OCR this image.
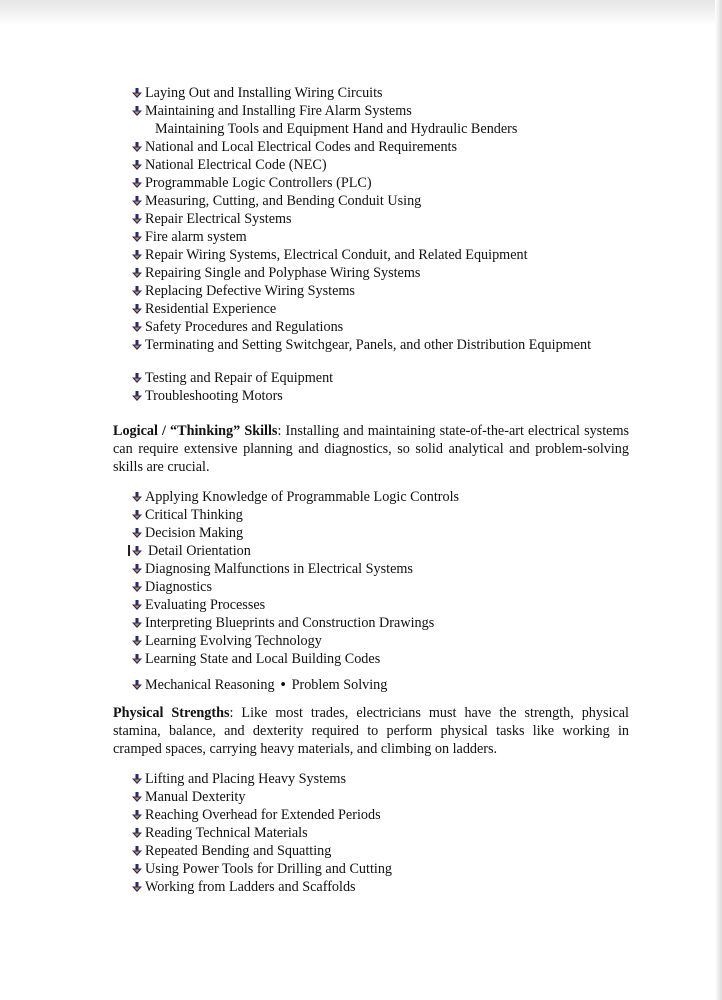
Laying Out and Installing Wiring Circuits
Maintaining and Installing Fire Alarm Systems
Maintaining Tools and Equipment Hand and Hydraulic Benders
National and Local Electrical Codes and Requirements
National Electrical Code (NEC)
Programmable Logic Controllers (PLC)
Measuring, Cutting, and Bending Conduit Using
Repair Electrical Systems
Fire alarm system
Repair Wiring Systems, Electrical Conduit, and Related Equipment
Repairing Single and Polyphase Wiring Systems
Replacing Defective Wiring Systems
Residential Experience
Safety Procedures and Regulations
Terminating and Setting Switchgear, Panels, and other Distribution Equipment
Testing and Repair of Equipment
Troubleshooting Motors

Logical / “Thinking” Skills: Installing and maintaining state-of-the-art electrical systems can require extensive planning and diagnostics, so solid analytical and problem-solving skills are crucial.

Applying Knowledge of Programmable Logic Controls
Critical Thinking
Decision Making
Detail Orientation
Diagnosing Malfunctions in Electrical Systems
Diagnostics
Evaluating Processes
Interpreting Blueprints and Construction Drawings
Learning Evolving Technology
Learning State and Local Building Codes
Mechanical Reasoning • Problem Solving

Physical Strengths: Like most trades, electricians must have the strength, physical stamina, balance, and dexterity required to perform physical tasks like working in cramped spaces, carrying heavy materials, and climbing on ladders.

Lifting and Placing Heavy Systems
Manual Dexterity
Reaching Overhead for Extended Periods
Reading Technical Materials
Repeated Bending and Squatting
Using Power Tools for Drilling and Cutting
Working from Ladders and Scaffolds
